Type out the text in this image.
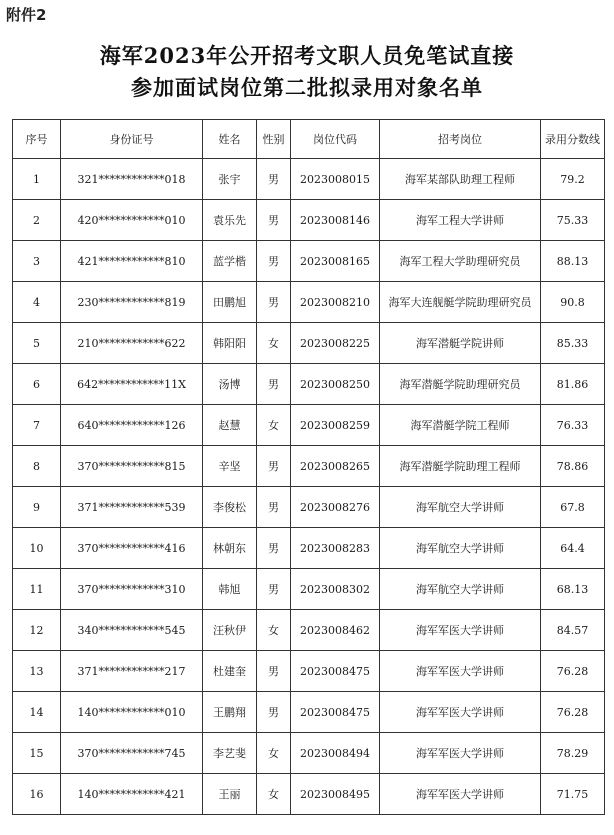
附件2
海军2023年公开招考文职人员免笔试直接
参加面试岗位第二批拟录用对象名单
序号	身份证号	姓名	性别	岗位代码	招考岗位	录用分数线
1	321************018	张宇	男	2023008015	海军某部队助理工程师	79.2
2	420************010	袁乐先	男	2023008146	海军工程大学讲师	75.33
3	421************810	蓝学楷	男	2023008165	海军工程大学助理研究员	88.13
4	230************819	田鹏旭	男	2023008210	海军大连舰艇学院助理研究员	90.8
5	210************622	韩阳阳	女	2023008225	海军潜艇学院讲师	85.33
6	642************11X	汤博	男	2023008250	海军潜艇学院助理研究员	81.86
7	640************126	赵慧	女	2023008259	海军潜艇学院工程师	76.33
8	370************815	辛坚	男	2023008265	海军潜艇学院助理工程师	78.86
9	371************539	李俊松	男	2023008276	海军航空大学讲师	67.8
10	370************416	林朝东	男	2023008283	海军航空大学讲师	64.4
11	370************310	韩旭	男	2023008302	海军航空大学讲师	68.13
12	340************545	汪秋伊	女	2023008462	海军军医大学讲师	84.57
13	371************217	杜建奎	男	2023008475	海军军医大学讲师	76.28
14	140************010	王鹏翔	男	2023008475	海军军医大学讲师	76.28
15	370************745	李艺斐	女	2023008494	海军军医大学讲师	78.29
16	140************421	王丽	女	2023008495	海军军医大学讲师	71.75
